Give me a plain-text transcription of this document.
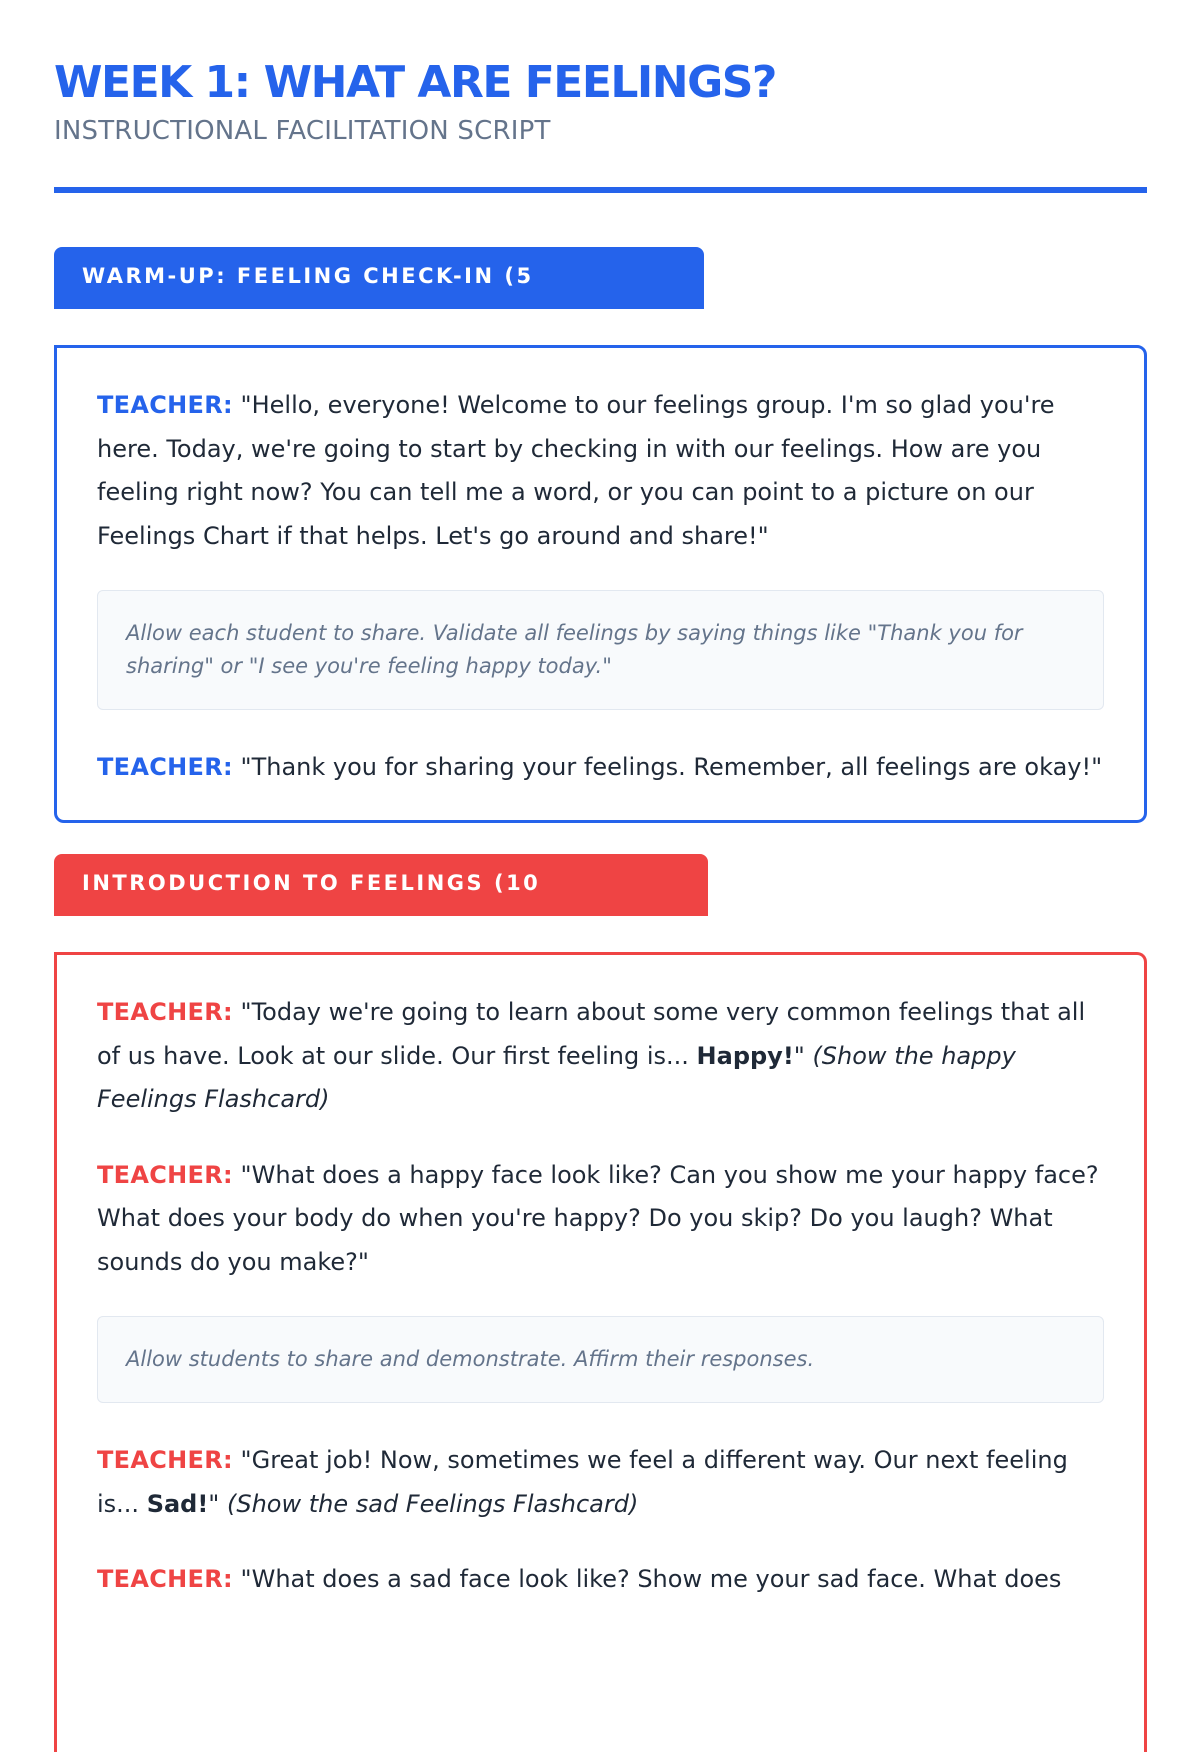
WEEK 1: WHAT ARE FEELINGS?
INSTRUCTIONAL FACILITATION SCRIPT
WARM-UP: FEELING CHECK-IN (5 MINUTES)

TEACHER: "Hello, everyone! Welcome to our feelings group. I'm so glad you're here. Today, we're going to start by checking in with our feelings. How are you feeling right now? You can tell me a word, or you can point to a picture on our Feelings Chart if that helps. Let's go around and share!"

Allow each student to share. Validate all feelings by saying things like "Thank you for sharing" or "I see you're feeling happy today."

TEACHER: "Thank you for sharing your feelings. Remember, all feelings are okay!"

INTRODUCTION TO FEELINGS (10 MINUTES)

TEACHER: "Today we're going to learn about some very common feelings that all of us have. Look at our slide. Our first feeling is... Happy!" (Show the happy Feelings Flashcard)

TEACHER: "What does a happy face look like? Can you show me your happy face? What does your body do when you're happy? Do you skip? Do you laugh? What sounds do you make?"

Allow students to share and demonstrate. Affirm their responses.

TEACHER: "Great job! Now, sometimes we feel a different way. Our next feeling is... Sad!" (Show the sad Feelings Flashcard)

TEACHER: "What does a sad face look like? Show me your sad face. What does
